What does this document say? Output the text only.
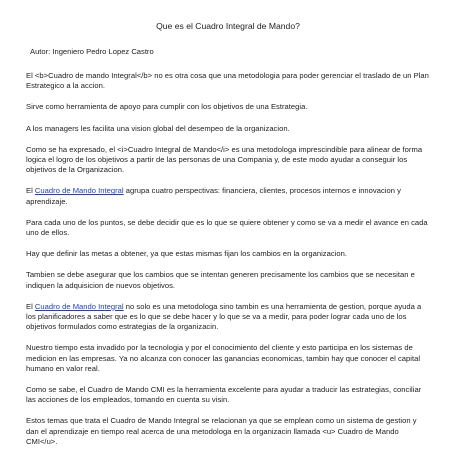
Que es el Cuadro Integral de Mando?

Autor: Ingeniero Pedro Lopez Castro

El <b>Cuadro de mando Integral</b> no es otra cosa que una metodologia para poder gerenciar el traslado de un Plan Estrategico a la accion.

Sirve como herramienta de apoyo para cumplir con los objetivos de una Estrategia.

A los managers les facilita una vision global del desempeo de la organizacion.

Como se ha expresado, el <i>Cuadro Integral de Mando</i> es una metodologa imprescindible para alinear de forma logica el logro de los objetivos a partir de las personas de una Compania y, de este modo ayudar a conseguir los objetivos de la Organizacion.

El Cuadro de Mando Integral agrupa cuatro perspectivas: financiera, clientes, procesos internos e innovacion y aprendizaje.

Para cada uno de los puntos, se debe decidir que es lo que se quiere obtener y como se va a medir el avance en cada uno de ellos.

Hay que definir las metas a obtener, ya que estas mismas fijan los cambios en la organizacion.

Tambien se debe asegurar que los cambios que se intentan generen precisamente los cambios que se necesitan e indiquen la adquisicion de nuevos objetivos.

El Cuadro de Mando Integral no solo es una metodologa sino tambin es una herramienta de gestion, porque ayuda a los planificadores a saber que es lo que se debe hacer y lo que se va a medir, para poder lograr cada uno de los objetivos formulados como estrategias de la organizacin.

Nuestro tiempo esta invadido por la tecnologia y por el conocimiento del cliente y esto participa en los sistemas de medicion en las empresas. Ya no alcanza con conocer las ganancias economicas, tambin hay que conocer el capital humano en valor real.

Como se sabe, el Cuadro de Mando CMI es la herramienta excelente para ayudar a traducir las estrategias, conciliar las acciones de los empleados, tomando en cuenta su visin.

Estos temas que trata el Cuadro de Mando Integral se relacionan ya que se emplean como un sistema de gestion y dan el aprendizaje en tiempo real acerca de una metodologa en la organizacin llamada <u> Cuadro de Mando CMI</u>.
